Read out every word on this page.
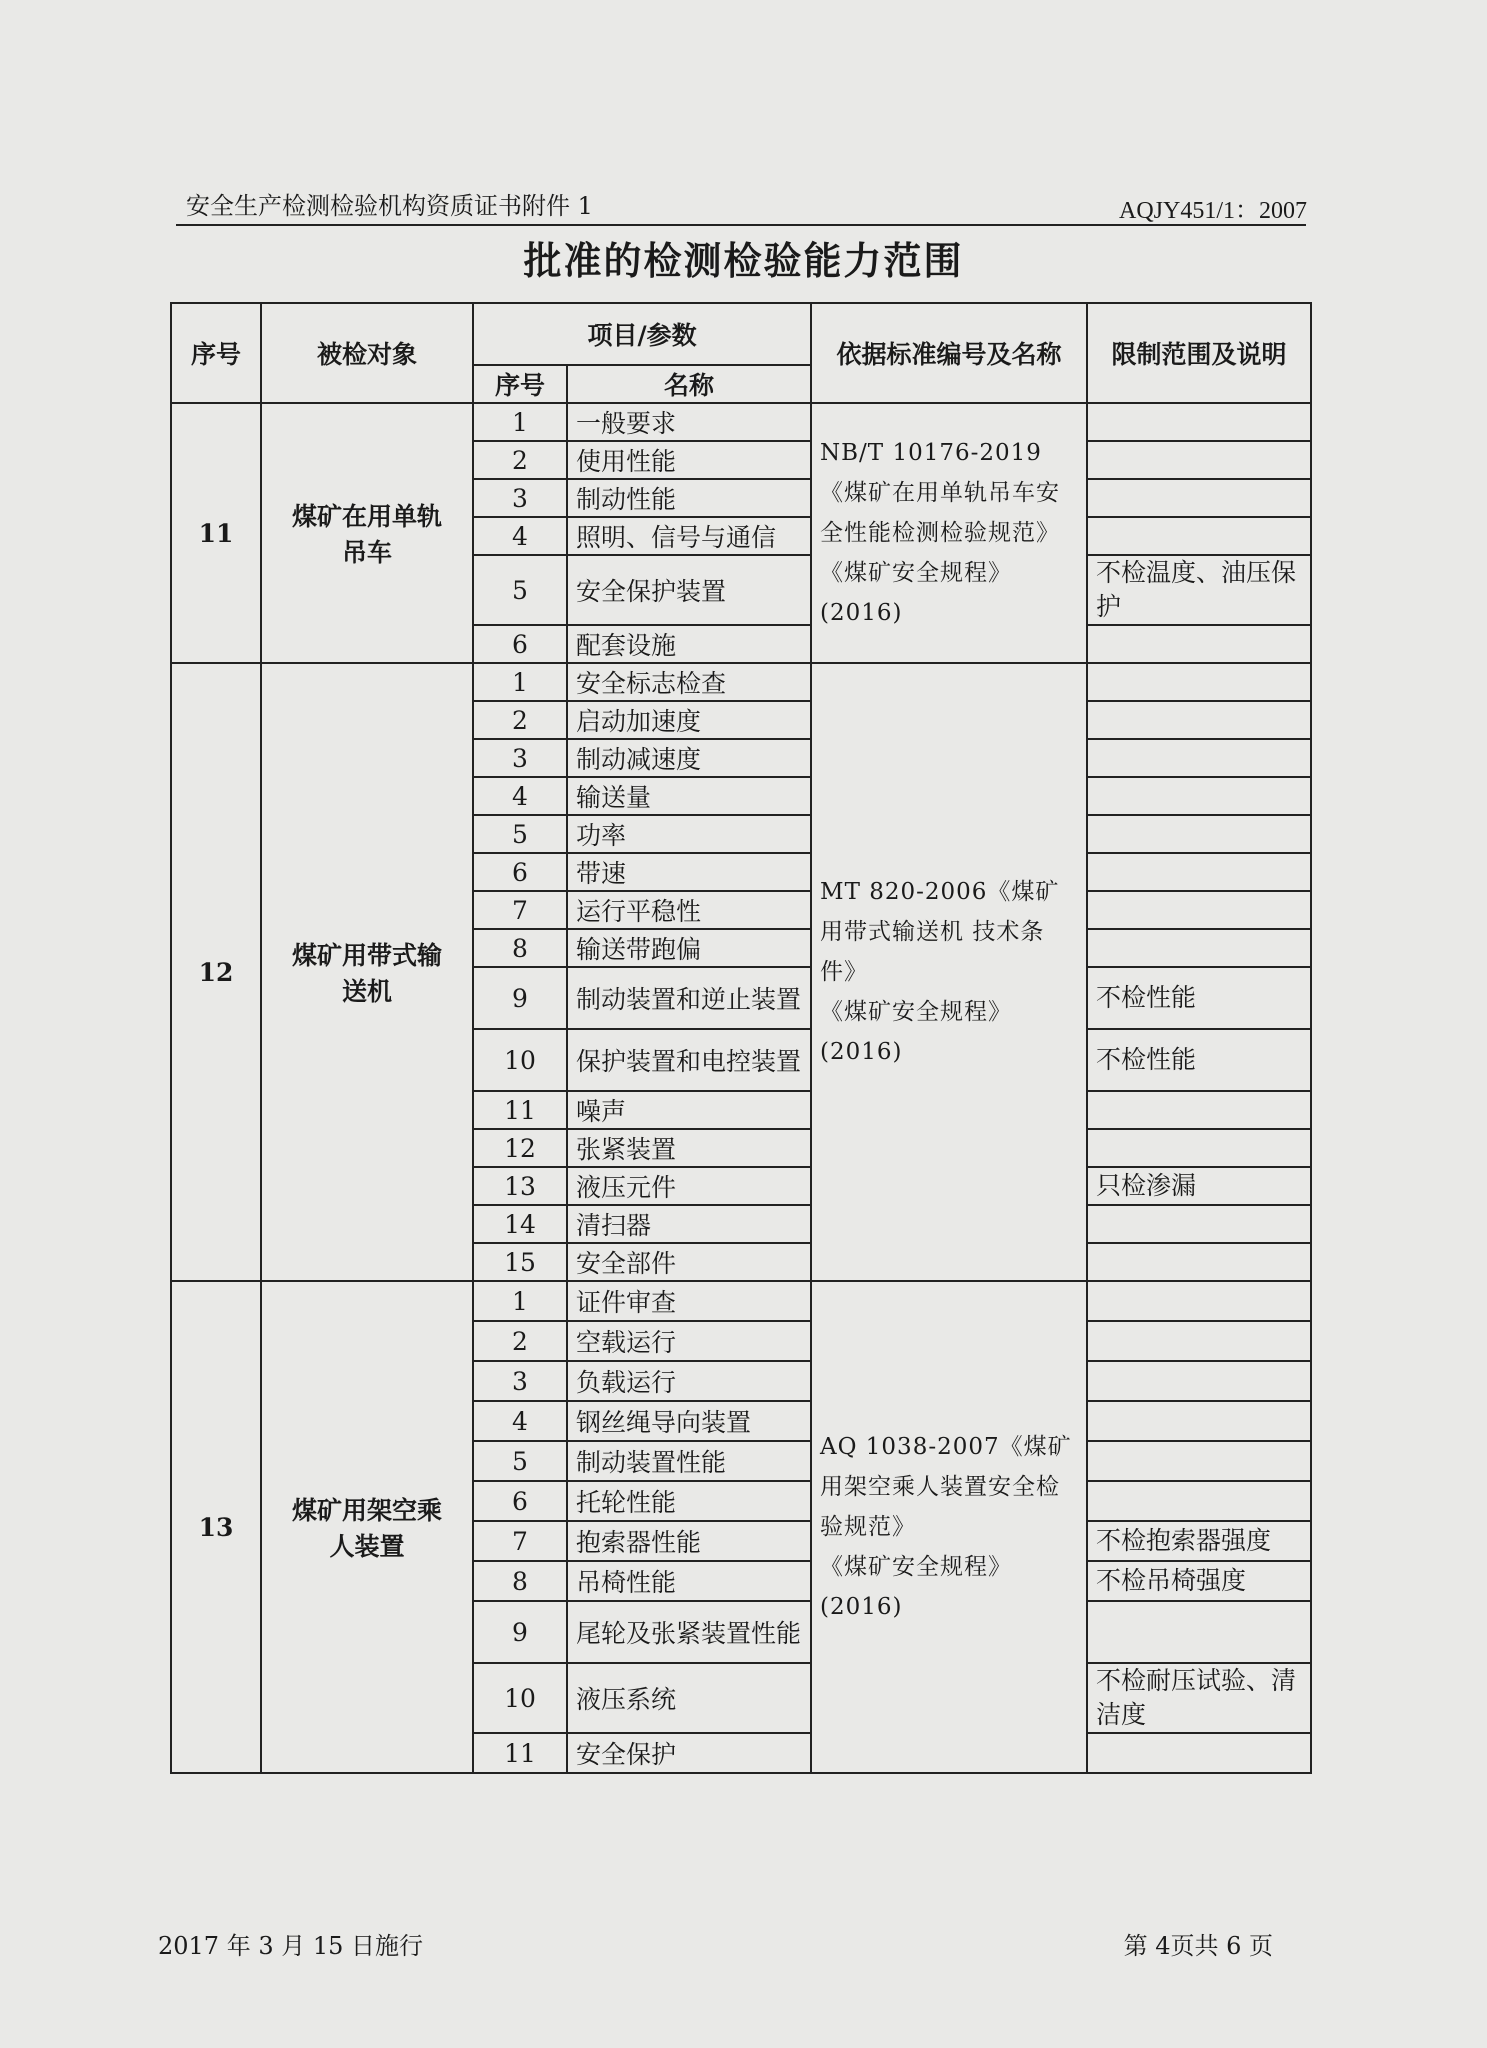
安全生产检测检验机构资质证书附件 1	AQJY451/1：2007
批准的检测检验能力范围
序号	被检对象	项目/参数		依据标准编号及名称	限制范围及说明
		序号	名称		
11	煤矿在用单轨吊车	1	一般要求	NB/T 10176-2019《煤矿在用单轨吊车安全性能检测检验规范》
《煤矿安全规程》(2016)	
		2	使用性能		
		3	制动性能		
		4	照明、信号与通信		
		5	安全保护装置		不检温度、油压保护
		6	配套设施		
12	煤矿用带式输送机	1	安全标志检查	MT 820-2006《煤矿用带式输送机 技术条件》
《煤矿安全规程》(2016)	
		2	启动加速度		
		3	制动减速度		
		4	输送量		
		5	功率		
		6	带速		
		7	运行平稳性		
		8	输送带跑偏		
		9	制动装置和逆止装置		不检性能
		10	保护装置和电控装置		不检性能
		11	噪声		
		12	张紧装置		
		13	液压元件		只检渗漏
		14	清扫器		
		15	安全部件		
13	煤矿用架空乘人装置	1	证件审查	AQ 1038-2007《煤矿用架空乘人装置安全检验规范》
《煤矿安全规程》(2016)	
		2	空载运行		
		3	负载运行		
		4	钢丝绳导向装置		
		5	制动装置性能		
		6	托轮性能		
		7	抱索器性能		不检抱索器强度
		8	吊椅性能		不检吊椅强度
		9	尾轮及张紧装置性能		
		10	液压系统		不检耐压试验、清洁度
		11	安全保护		
2017 年 3 月 15 日施行	第 4页共 6 页
